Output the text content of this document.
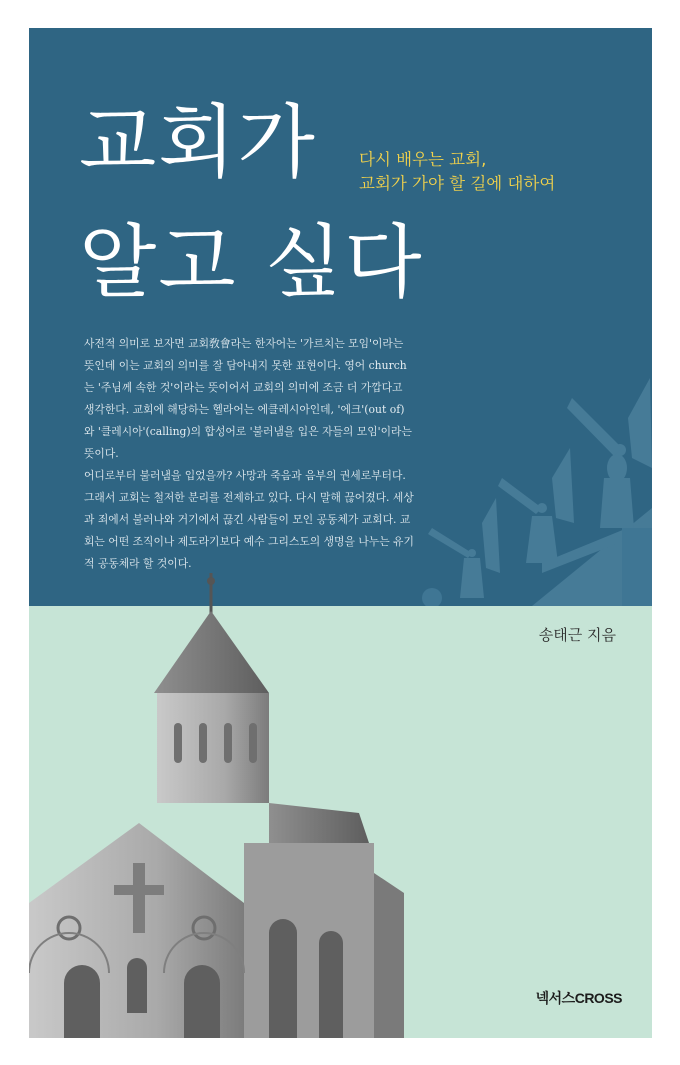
교회가
알고 싶다
다시 배우는 교회,
교회가 가야 할 길에 대하여

사전적 의미로 보자면 교회敎會라는 한자어는 '가르치는 모임'이라는 뜻인데 이는 교회의 의미를 잘 담아내지 못한 표현이다. 영어 church는 '주님께 속한 것'이라는 뜻이어서 교회의 의미에 조금 더 가깝다고 생각한다. 교회에 해당하는 헬라어는 에클레시아인데, '에크'(out of)와 '클레시아'(calling)의 합성어로 '불러냄을 입은 자들의 모임'이라는 뜻이다.

어디로부터 불러냄을 입었을까? 사망과 죽음과 음부의 권세로부터다. 그래서 교회는 철저한 분리를 전제하고 있다. 다시 말해 끊어졌다. 세상과 죄에서 불러나와 거기에서 끊긴 사람들이 모인 공동체가 교회다. 교회는 어떤 조직이나 제도라기보다 예수 그리스도의 생명을 나누는 유기적 공동체라 할 것이다.

송태근 지음
넥서스CROSS
